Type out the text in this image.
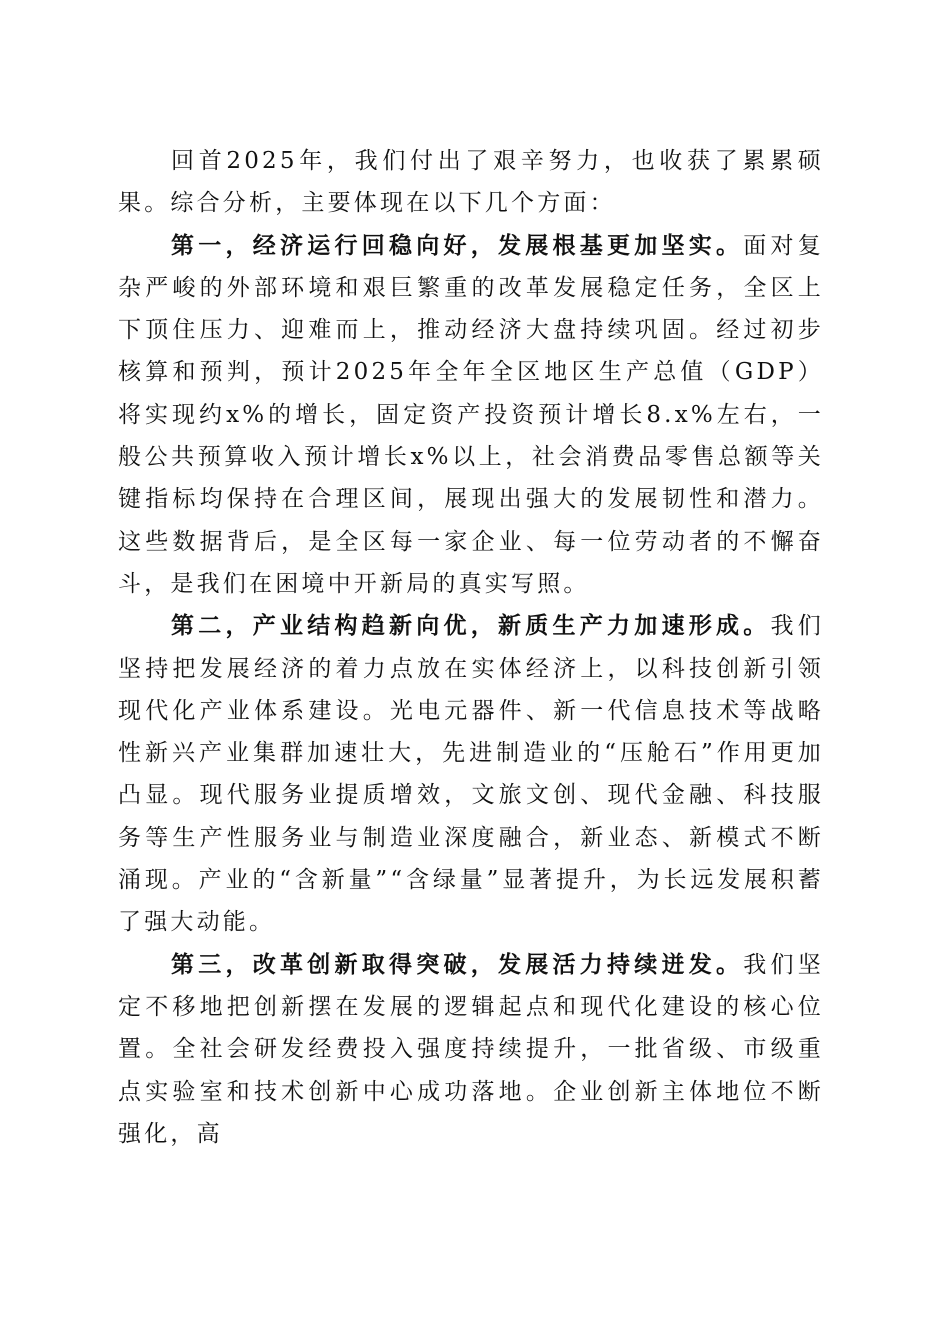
回首2025年，我们付出了艰辛努力，也收获了累累硕果。综合分析，主要体现在以下几个方面：

第一，经济运行回稳向好，发展根基更加坚实。面对复杂严峻的外部环境和艰巨繁重的改革发展稳定任务，全区上下顶住压力、迎难而上，推动经济大盘持续巩固。经过初步核算和预判，预计2025年全年全区地区生产总值（GDP）将实现约x%的增长，固定资产投资预计增长8.x%左右，一般公共预算收入预计增长x%以上，社会消费品零售总额等关键指标均保持在合理区间，展现出强大的发展韧性和潜力。这些数据背后，是全区每一家企业、每一位劳动者的不懈奋斗，是我们在困境中开新局的真实写照。

第二，产业结构趋新向优，新质生产力加速形成。我们坚持把发展经济的着力点放在实体经济上，以科技创新引领现代化产业体系建设。光电元器件、新一代信息技术等战略性新兴产业集群加速壮大，先进制造业的“压舱石”作用更加凸显。现代服务业提质增效，文旅文创、现代金融、科技服务等生产性服务业与制造业深度融合，新业态、新模式不断涌现。产业的“含新量”“含绿量”显著提升，为长远发展积蓄了强大动能。

第三，改革创新取得突破，发展活力持续迸发。我们坚定不移地把创新摆在发展的逻辑起点和现代化建设的核心位置。全社会研发经费投入强度持续提升，一批省级、市级重点实验室和技术创新中心成功落地。企业创新主体地位不断强化，高
